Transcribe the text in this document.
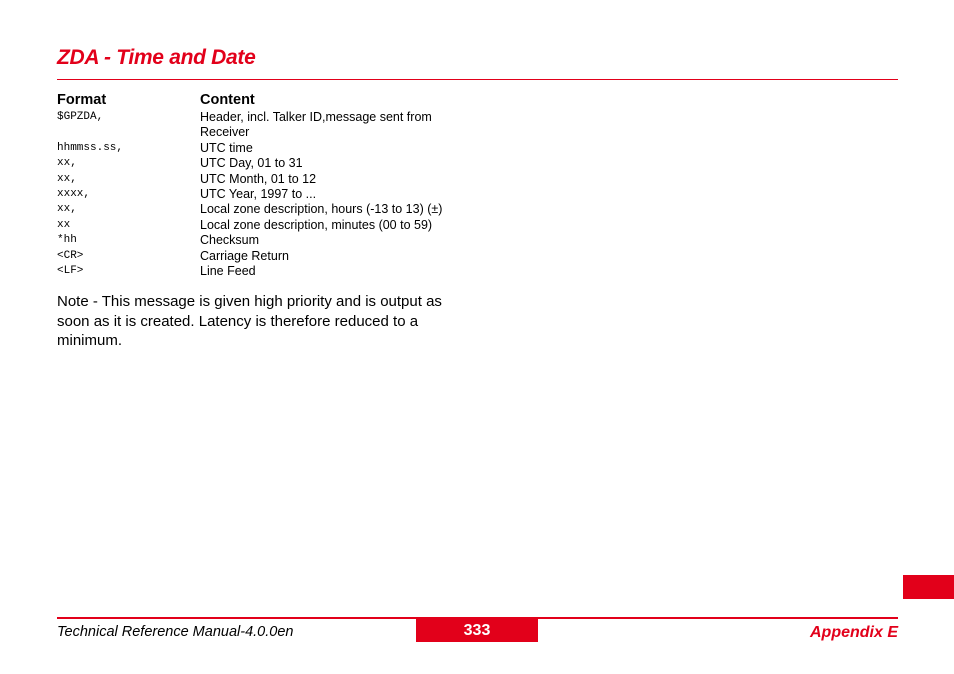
ZDA - Time and Date
Format	Content
$GPZDA,	Header, incl. Talker ID,message sent from Receiver
hhmmss.ss,	UTC time
xx,	UTC Day, 01 to 31
xx,	UTC Month, 01 to 12
xxxx,	UTC Year, 1997 to ...
xx,	Local zone description, hours (-13 to 13) (±)
xx	Local zone description, minutes (00 to 59)
*hh	Checksum
<CR>	Carriage Return
<LF>	Line Feed
Note - This message is given high priority and is output as soon as it is created. Latency is therefore reduced to a minimum.
Technical Reference Manual-4.0.0en	333	Appendix E
